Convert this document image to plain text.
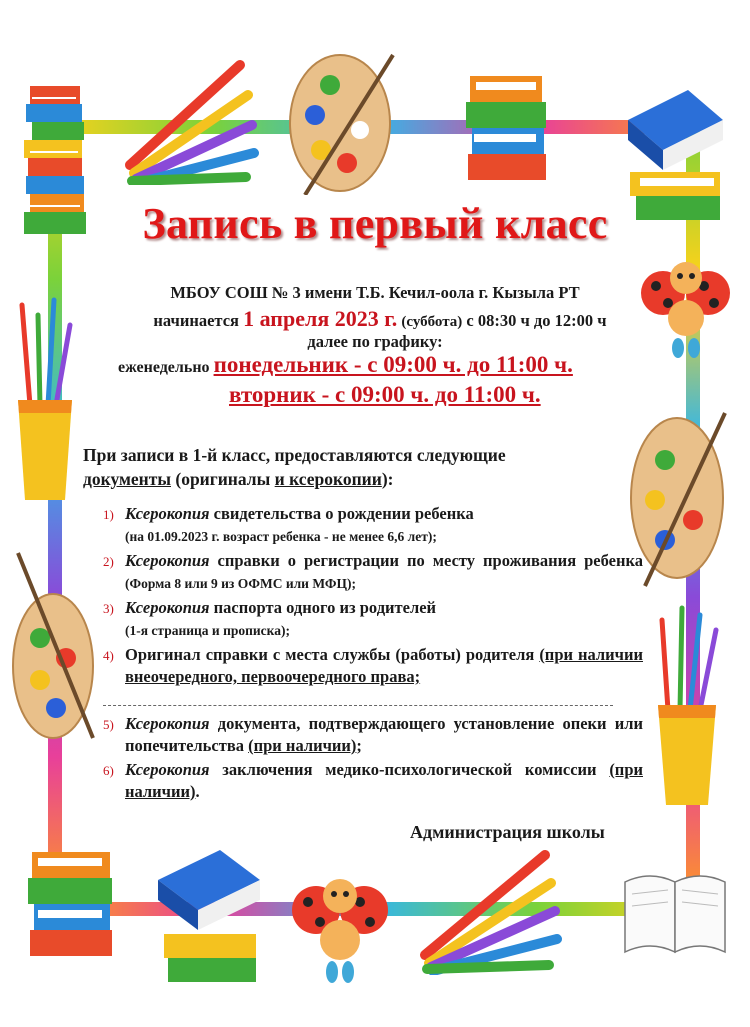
Запись в первый класс
МБОУ СОШ № 3 имени Т.Б. Кечил-оола г. Кызыла РТ
начинается 1 апреля 2023 г. (суббота) с 08:30 ч до 12:00 ч
далее по графику:
еженедельно понедельник - с 09:00 ч. до 11:00 ч.
вторник - с 09:00 ч. до 11:00 ч.
При записи в 1-й класс, предоставляются следующие
документы (оригиналы и ксерокопии):
1) Ксерокопия свидетельства о рождении ребенка
(на 01.09.2023 г. возраст ребенка - не менее 6,6 лет);
2) Ксерокопия справки о регистрации по месту проживания ребенка (Форма 8 или 9 из ОФМС или МФЦ);
3) Ксерокопия паспорта одного из родителей
(1-я страница и прописка);
4) Оригинал справки с места службы (работы) родителя (при наличии внеочередного, первоочередного права;
5) Ксерокопия документа, подтверждающего установление опеки или попечительства (при наличии);
6) Ксерокопия заключения медико-психологической комиссии (при наличии).
Администрация школы
